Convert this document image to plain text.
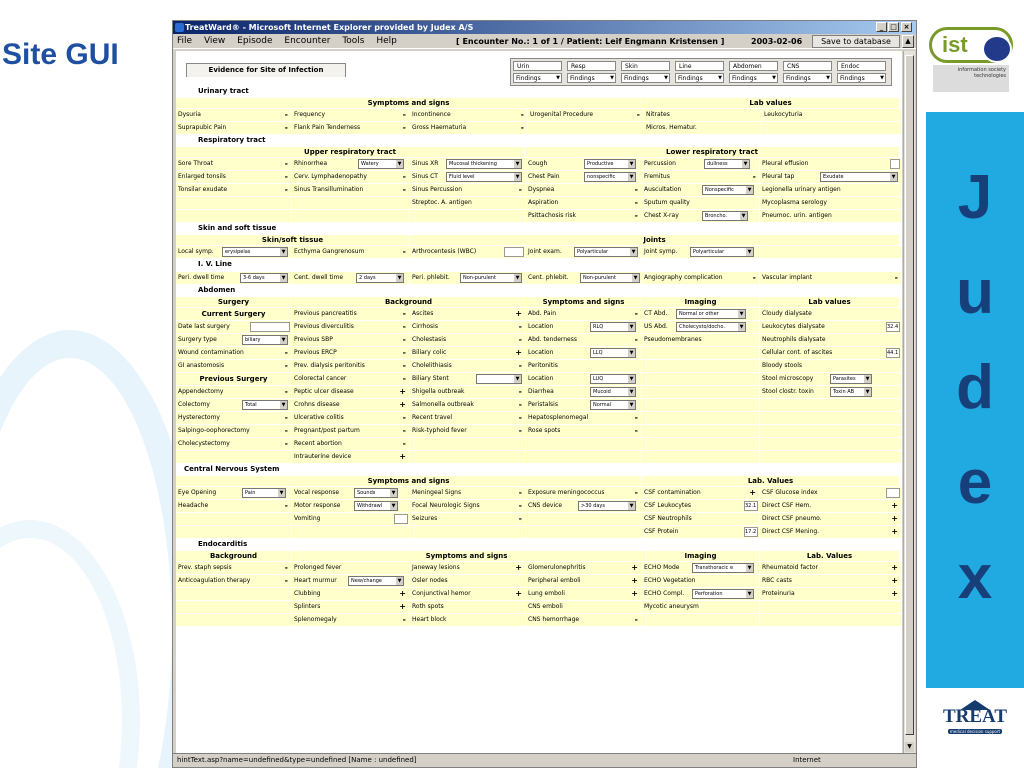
Site GUI	ist
information society technologies
J
u
d
e
x
TREAT
medical decision support
TreatWard® - Microsoft Internet Explorer provided by Judex A/S	_ □ ×
File View Episode Encounter Tools Help	[ Encounter No.: 1 of 1 / Patient: Leif Engmann Kristensen ]	2003-02-06	Save to database	▲
Evidence for Site of Infection	Urin
Findings ▼
Resp
Findings ▼
Skin
Findings ▼
Line
Findings ▼
Abdomen
Findings ▼
CNS
Findings ▼
Endoc
Findings ▼
Urinary tract
Symptoms and signs	Lab values
Dysuria	-	Frequency	-	Incontinence	-	Urogenital Procedure	-	Nitrates	Leukocyturia
Suprapubic Pain	-	Flank Pain Tenderness	-	Gross Haematuria	-	Micros. Hematur.
Respiratory tract
Upper respiratory tract	Lower respiratory tract
Sore Throat	-	Rhinorrhea	Watery ▼	Sinus XR	Mucosal thickening ▼	Cough	Productive ▼	Percussion	dullness ▼	Pleural effusion
Enlarged tonsils	-	Cerv. Lymphadenopathy	-	Sinus CT	Fluid level ▼	Chest Pain	nonspecific ▼	Fremitus	-	Pleural tap	Exudate ▼
Tonsilar exudate	-	Sinus Transillumination	-	Sinus Percussion	-	Dyspnea	-	Auscultation	Nonspecific ▼	Legionella urinary antigen
Streptoc. A. antigen	Aspiration	-	Sputum quality	Mycoplasma serology
Psittachosis risk	-	Chest X-ray	Broncho. ▼	Pneumoc. urin. antigen
Skin and soft tissue
Skin/soft tissue	Joints
Local symp.	erysipelas ▼	Ecthyma Gangrenosum	-	Arthrocentesis (WBC)	Joint exam.	Polyarticular ▼	Joint symp.	Polyarticular ▼
I. V. Line
Peri. dwell time	3-6 days ▼	Cent. dwell time	2 days ▼	Peri. phlebit.	Non-purulent ▼	Cent. phlebit.	Non-purulent ▼	Angiography complication	-	Vascular implant	-
Abdomen
Surgery	Background	Symptoms and signs	Imaging	Lab values
Current Surgery	Previous pancreatitis	-	Ascites	+	Abd. Pain	-	CT Abd.	Normal or other ▼	Cloudy dialysate
Date last surgery	Previous diverculitis	-	Cirrhosis	-	Location	RLQ ▼	US Abd.	Cholecysto/docho. ▼	Leukocytes dialysate	32.4
Surgery type	biliary ▼	Previous SBP	-	Cholestasis	-	Abd. tenderness	-	Pseudomembranes	Neutrophils dialysate
Wound contamination	-	Previous ERCP	-	Biliary colic	+	Location	LLQ ▼	Cellular cont. of ascites	44.1
GI anastomosis	-	Prev. dialysis peritonitis	-	Cholelithiasis	-	Peritonitis	Bloody stools
Previous Surgery	Colorectal cancer	-	Biliary Stent
▼	Location	LUQ ▼	Stool microscopy	Parasites ▼
Appendectomy	-	Peptic ulcer disease	+	Shigella outbreak	-	Diarrhea	Mucoid ▼	Stool clostr. toxin	Toxin AB ▼
Colectomy	Total ▼	Crohns disease	+	Salmonella outbreak	-	Peristalsis	Normal ▼
Hysterectomy	-	Ulcerative colitis	-	Recent travel	-	Hepatosplenomegal	-
Salpingo-oophorectomy	-	Pregnant/post partum	-	Risk-typhoid fever	-	Rose spots	-
Cholecystectomy	-	Recent abortion	-
Intrauterine device	+
Central Nervous System
Symptoms and signs	Lab. Values
Eye Opening	Pain ▼	Vocal response	Sounds ▼	Meningeal Signs	-	Exposure meningococcus	-	CSF contamination	+	CSF Glucose index
Headache	-	Motor response	Withdrawl ▼	Focal Neurologic Signs	-	CNS device	>30 days ▼	CSF Leukocytes	32.1 Direct CSF Hem.	+
Vomiting	Seizures	-	CSF Neutrophils	Direct CSF pneumo.	+
CSF Protein	17.2 Direct CSF Mening.	+
Endocarditis
Background	Symptoms and signs	Imaging	Lab. Values
Prev. staph sepsis	-	Prolonged fever	Janeway lesions	+	Glomerulonephritis	+	ECHO Mode	Transthoracic e ▼	Rheumatoid factor	+
Anticoagulation therapy	-	Heart murmur	New/change ▼	Osler nodes	Peripheral emboli	+	ECHO Vegetation	RBC casts	+
Clubbing	+	Conjunctival hemor	+	Lung emboli	+	ECHO Compl.	Perforation ▼	Proteinuria	+
Splinters	+	Roth spots	CNS emboli	Mycotic aneurysm
Splenomegaly	-	Heart block	CNS hemorrhage	-
▼
hintText.asp?name=undefined&type=undefined [Name : undefined]	Internet
